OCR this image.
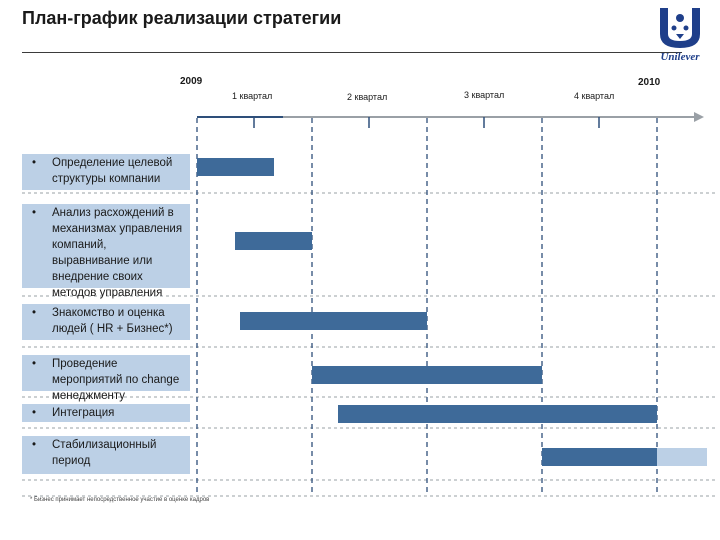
План-график реализации стратегии
Unilever
2009	2010
1 квартал	2 квартал	3 квартал	4 квартал
•	Определение целевой структуры компании
•	Анализ расхождений в механизмах управления компаний, выравнивание или внедрение своих методов управления
•	Знакомство и оценка людей ( HR + Бизнес*)
•	Проведение мероприятий по change менеджменту
•	Интеграция
•	Стабилизационный период
* Бизнес принимает непосредственное участие в оценке кадров
